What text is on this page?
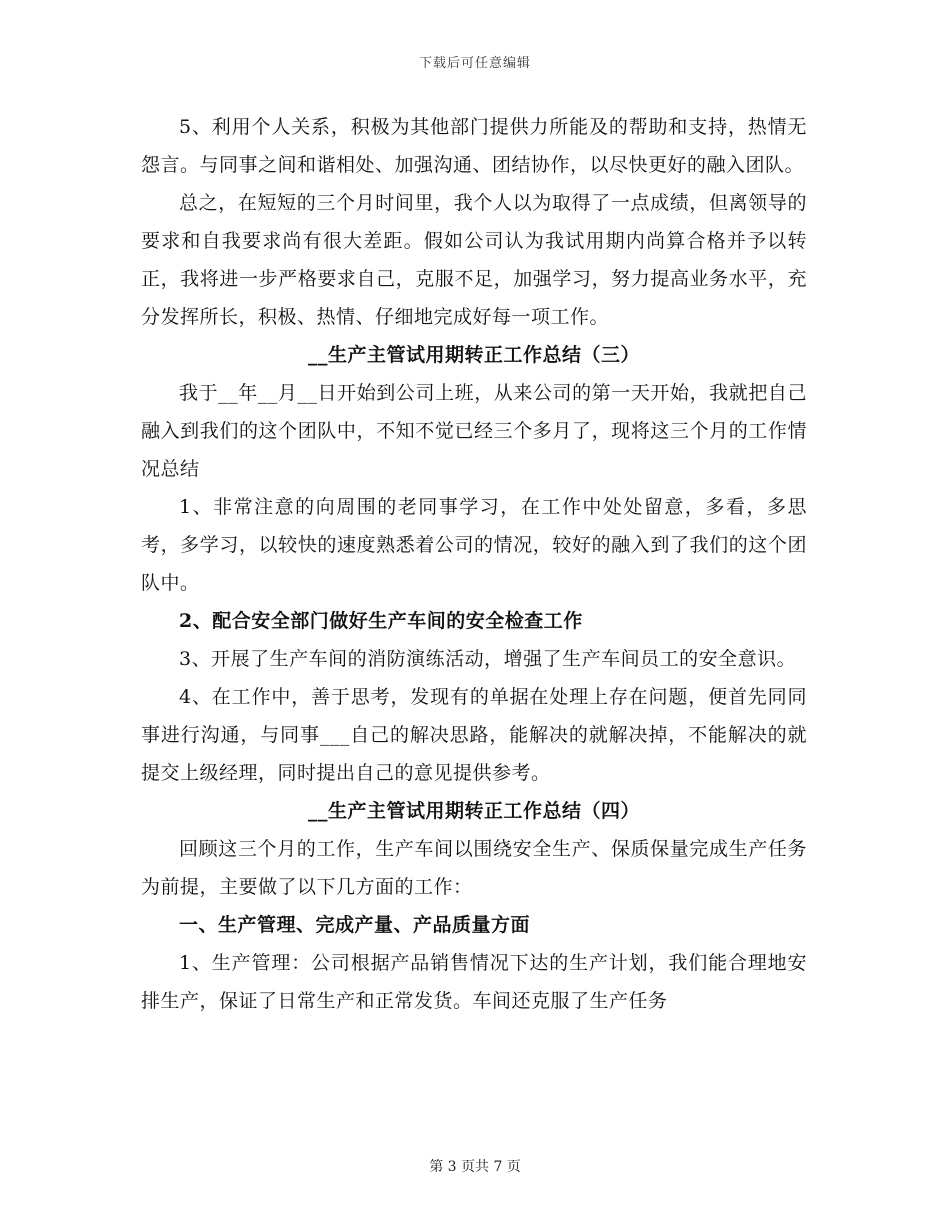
下载后可任意编辑

5、利用个人关系，积极为其他部门提供力所能及的帮助和支持，热情无怨言。与同事之间和谐相处、加强沟通、团结协作，以尽快更好的融入团队。

总之，在短短的三个月时间里，我个人以为取得了一点成绩，但离领导的要求和自我要求尚有很大差距。假如公司认为我试用期内尚算合格并予以转正，我将进一步严格要求自己，克服不足，加强学习，努力提高业务水平，充分发挥所长，积极、热情、仔细地完成好每一项工作。

__生产主管试用期转正工作总结（三）

我于__年__月__日开始到公司上班，从来公司的第一天开始，我就把自己融入到我们的这个团队中，不知不觉已经三个多月了，现将这三个月的工作情况总结

1、非常注意的向周围的老同事学习，在工作中处处留意，多看，多思考，多学习，以较快的速度熟悉着公司的情况，较好的融入到了我们的这个团队中。

2、配合安全部门做好生产车间的安全检查工作

3、开展了生产车间的消防演练活动，增强了生产车间员工的安全意识。

4、在工作中，善于思考，发现有的单据在处理上存在问题，便首先同同事进行沟通，与同事___自己的解决思路，能解决的就解决掉，不能解决的就提交上级经理，同时提出自己的意见提供参考。

__生产主管试用期转正工作总结（四）

回顾这三个月的工作，生产车间以围绕安全生产、保质保量完成生产任务为前提，主要做了以下几方面的工作：

一、生产管理、完成产量、产品质量方面

1、生产管理：公司根据产品销售情况下达的生产计划，我们能合理地安排生产，保证了日常生产和正常发货。车间还克服了生产任务

第 3 页共 7 页
